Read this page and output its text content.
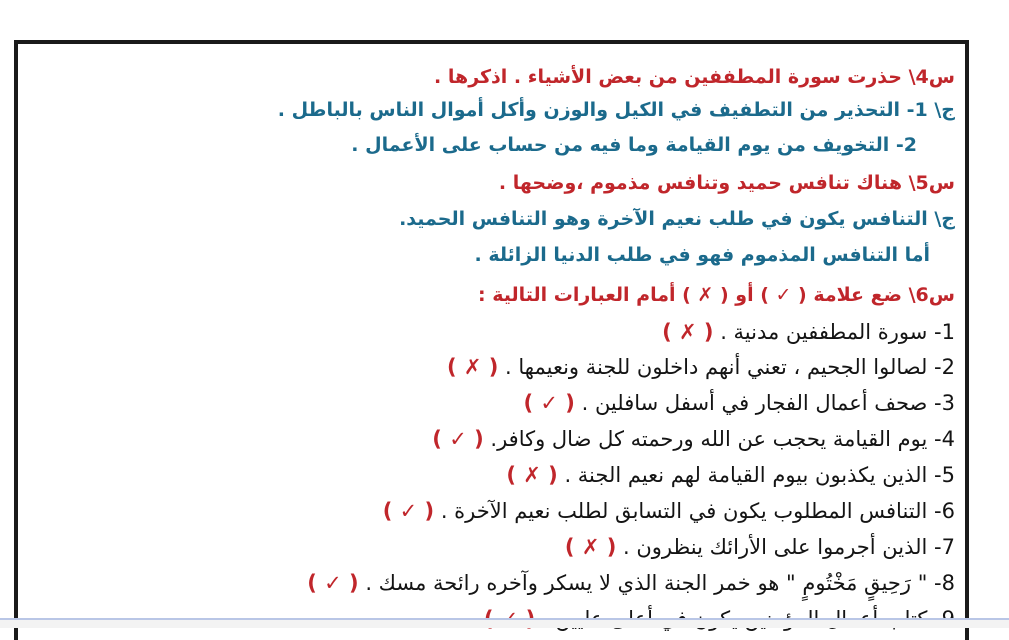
س4\ حذرت سورة المطففين من بعض الأشياء . اذكرها .
ج\ 1- التحذير من التطفيف في الكيل والوزن وأكل أموال الناس بالباطل .
2- التخويف من يوم القيامة وما فيه من حساب على الأعمال .
س5\ هناك تنافس حميد وتنافس مذموم ،وضحها .
ج\ التنافس يكون في طلب نعيم الآخرة وهو التنافس الحميد.
أما التنافس المذموم فهو في طلب الدنيا الزائلة .
س6\ ضع علامة ( ✓ ) أو ( ✗ ) أمام العبارات التالية :
1- سورة المطففين مدنية . ( ✗ )
2- لصالوا الجحيم ، تعني أنهم داخلون للجنة ونعيمها . ( ✗ )
3- صحف أعمال الفجار في أسفل سافلين . ( ✓ )
4- يوم القيامة يحجب عن الله ورحمته كل ضال وكافر. ( ✓ )
5- الذين يكذبون بيوم القيامة لهم نعيم الجنة . ( ✗ )
6- التنافس المطلوب يكون في التسابق لطلب نعيم الآخرة . ( ✓ )
7- الذين أجرموا على الأرائك ينظرون . ( ✗ )
8- " رَحِيقٍ مَخْتُومٍ " هو خمر الجنة الذي لا يسكر وآخره رائحة مسك . ( ✓ )
